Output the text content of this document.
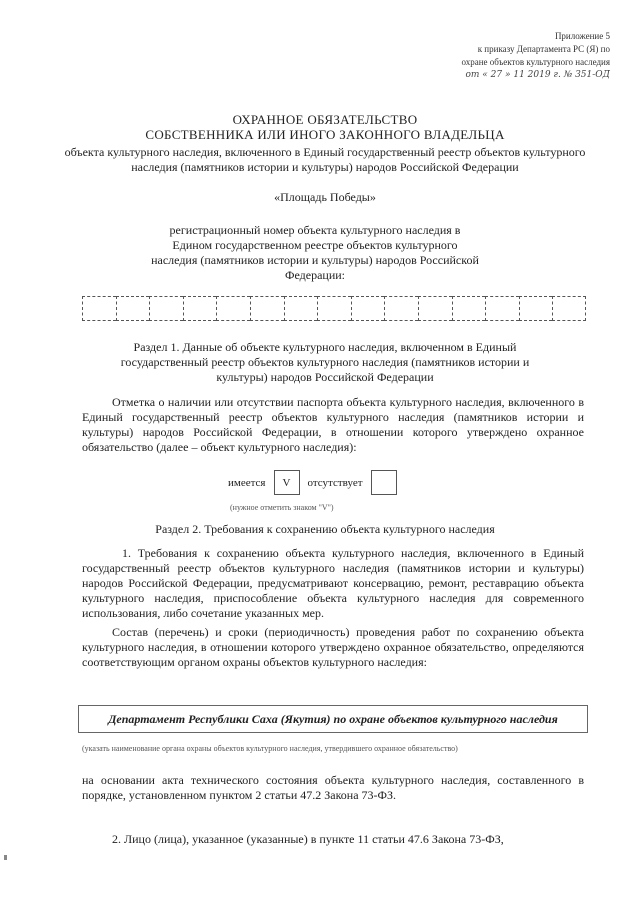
Приложение 5
к приказу Департамента РС (Я) по
охране объектов культурного наследия
от « 27 » 11 2019 г. № 351-ОД
ОХРАННОЕ ОБЯЗАТЕЛЬСТВО
СОБСТВЕННИКА ИЛИ ИНОГО ЗАКОННОГО ВЛАДЕЛЬЦА
объекта культурного наследия, включенного в Единый государственный реестр объектов культурного наследия (памятников истории и культуры) народов Российской Федерации
«Площадь Победы»
регистрационный номер объекта культурного наследия в Едином государственном реестре объектов культурного наследия (памятников истории и культуры) народов Российской Федерации:
Раздел 1. Данные об объекте культурного наследия, включенном в Единый государственный реестр объектов культурного наследия (памятников истории и культуры) народов Российской Федерации
Отметка о наличии или отсутствии паспорта объекта культурного наследия, включенного в Единый государственный реестр объектов культурного наследия (памятников истории и культуры) народов Российской Федерации, в отношении которого утверждено охранное обязательство (далее – объект культурного наследия):
имеется	V	отсутствует
(нужное отметить знаком "V")
Раздел 2. Требования к сохранению объекта культурного наследия
1. Требования к сохранению объекта культурного наследия, включенного в Единый государственный реестр объектов культурного наследия (памятников истории и культуры) народов Российской Федерации, предусматривают консервацию, ремонт, реставрацию объекта культурного наследия, приспособление объекта культурного наследия для современного использования, либо сочетание указанных мер.
Состав (перечень) и сроки (периодичность) проведения работ по сохранению объекта культурного наследия, в отношении которого утверждено охранное обязательство, определяются соответствующим органом охраны объектов культурного наследия:
Департамент Республики Саха (Якутия) по охране объектов культурного наследия
(указать наименование органа охраны объектов культурного наследия, утвердившего охранное обязательство)
на основании акта технического состояния объекта культурного наследия, составленного в порядке, установленном пунктом 2 статьи 47.2 Закона 73-ФЗ.
2. Лицо (лица), указанное (указанные) в пункте 11 статьи 47.6 Закона 73-ФЗ,
